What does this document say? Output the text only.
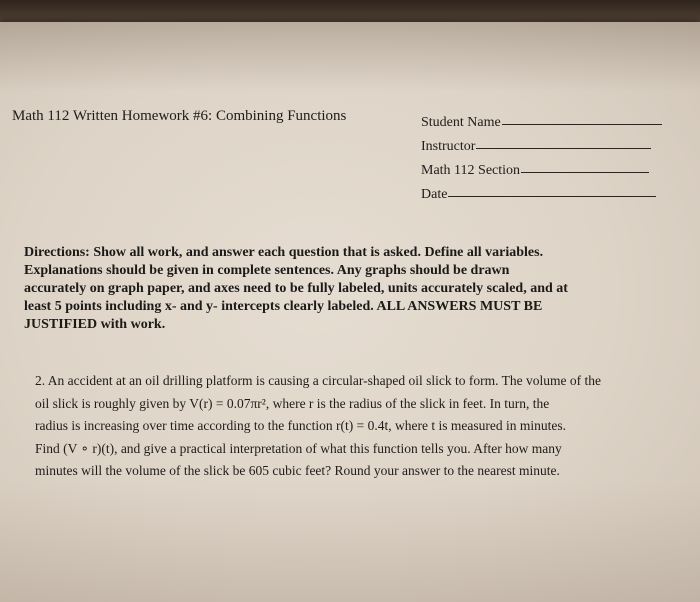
Math 112 Written Homework #6: Combining Functions	Student Name
Instructor
Math 112 Section
Date
Directions: Show all work, and answer each question that is asked. Define all variables.
Explanations should be given in complete sentences. Any graphs should be drawn
accurately on graph paper, and axes need to be fully labeled, units accurately scaled, and at
least 5 points including x- and y- intercepts clearly labeled. ALL ANSWERS MUST BE
JUSTIFIED with work.
2. An accident at an oil drilling platform is causing a circular-shaped oil slick to form. The volume of the
oil slick is roughly given by V(r) = 0.07πr², where r is the radius of the slick in feet. In turn, the
radius is increasing over time according to the function r(t) = 0.4t, where t is measured in minutes.
Find (V ∘ r)(t), and give a practical interpretation of what this function tells you. After how many
minutes will the volume of the slick be 605 cubic feet? Round your answer to the nearest minute.
